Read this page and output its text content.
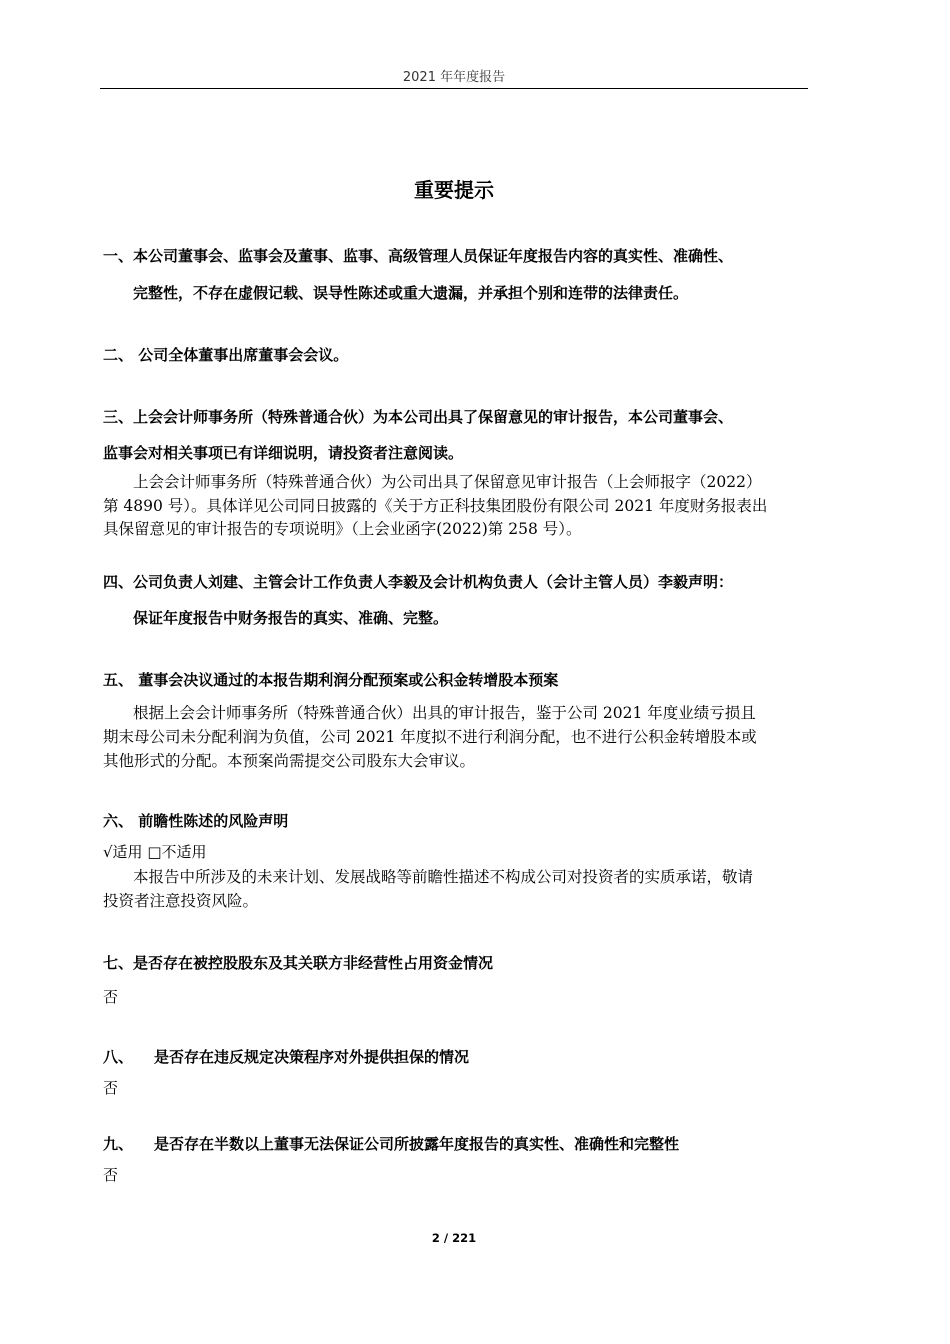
2021 年年度报告
重要提示
一、本公司董事会、监事会及董事、监事、高级管理人员保证年度报告内容的真实性、准确性、
完整性，不存在虚假记载、误导性陈述或重大遗漏，并承担个别和连带的法律责任。
二、 公司全体董事出席董事会会议。
三、上会会计师事务所（特殊普通合伙）为本公司出具了保留意见的审计报告，本公司董事会、
监事会对相关事项已有详细说明，请投资者注意阅读。
上会会计师事务所（特殊普通合伙）为公司出具了保留意见审计报告（上会师报字（2022）
第 4890 号）。具体详见公司同日披露的《关于方正科技集团股份有限公司 2021 年度财务报表出
具保留意见的审计报告的专项说明》（上会业函字(2022)第 258 号）。
四、公司负责人刘建、主管会计工作负责人李毅及会计机构负责人（会计主管人员）李毅声明：
保证年度报告中财务报告的真实、准确、完整。
五、 董事会决议通过的本报告期利润分配预案或公积金转增股本预案
根据上会会计师事务所（特殊普通合伙）出具的审计报告，鉴于公司 2021 年度业绩亏损且
期末母公司未分配利润为负值，公司 2021 年度拟不进行利润分配，也不进行公积金转增股本或
其他形式的分配。本预案尚需提交公司股东大会审议。
六、 前瞻性陈述的风险声明
√适用 □不适用
本报告中所涉及的未来计划、发展战略等前瞻性描述不构成公司对投资者的实质承诺，敬请
投资者注意投资风险。
七、是否存在被控股股东及其关联方非经营性占用资金情况
否
八、 是否存在违反规定决策程序对外提供担保的情况
否
九、 是否存在半数以上董事无法保证公司所披露年度报告的真实性、准确性和完整性
否
2 / 221
